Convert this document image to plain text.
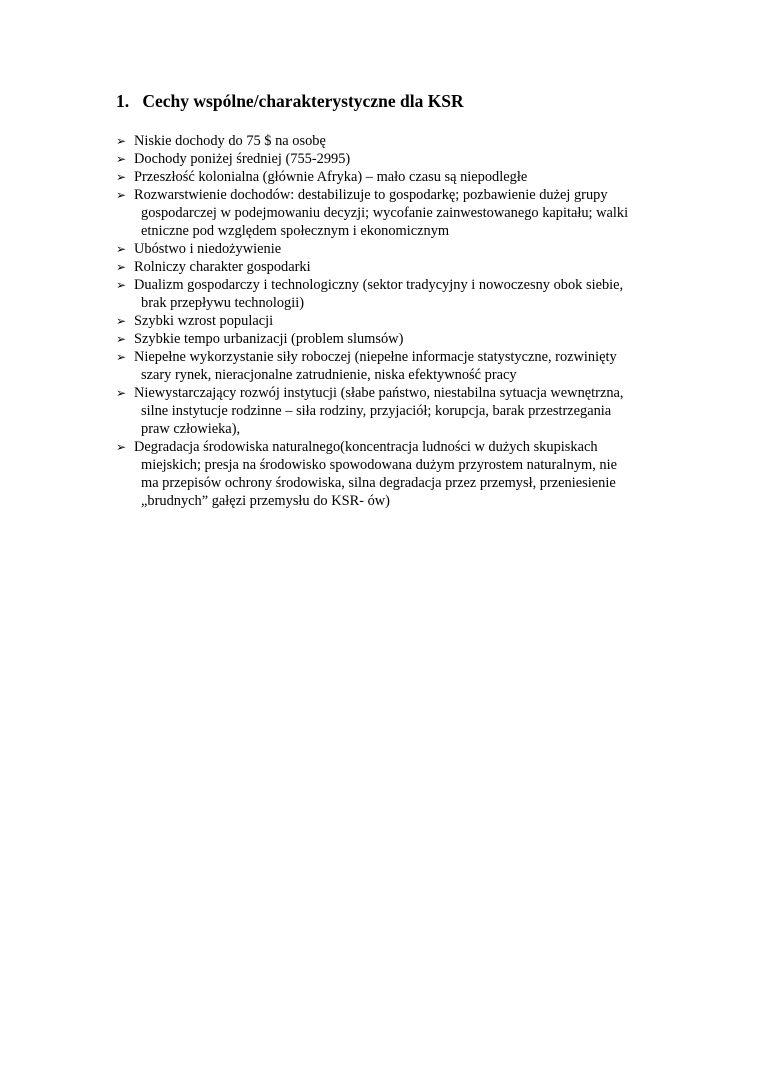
1. Cechy wspólne/charakterystyczne dla KSR
➢ Niskie dochody do 75 $ na osobę
➢ Dochody poniżej średniej (755-2995)
➢ Przeszłość kolonialna (głównie Afryka) – mało czasu są niepodległe
➢ Rozwarstwienie dochodów: destabilizuje to gospodarkę; pozbawienie dużej grupy
gospodarczej w podejmowaniu decyzji; wycofanie zainwestowanego kapitału; walki
etniczne pod względem społecznym i ekonomicznym
➢ Ubóstwo i niedożywienie
➢ Rolniczy charakter gospodarki
➢ Dualizm gospodarczy i technologiczny (sektor tradycyjny i nowoczesny obok siebie,
brak przepływu technologii)
➢ Szybki wzrost populacji
➢ Szybkie tempo urbanizacji (problem slumsów)
➢ Niepełne wykorzystanie siły roboczej (niepełne informacje statystyczne, rozwinięty
szary rynek, nieracjonalne zatrudnienie, niska efektywność pracy
➢ Niewystarczający rozwój instytucji (słabe państwo, niestabilna sytuacja wewnętrzna,
silne instytucje rodzinne – siła rodziny, przyjaciół; korupcja, barak przestrzegania
praw człowieka),
➢ Degradacja środowiska naturalnego(koncentracja ludności w dużych skupiskach
miejskich; presja na środowisko spowodowana dużym przyrostem naturalnym, nie
ma przepisów ochrony środowiska, silna degradacja przez przemysł, przeniesienie
„brudnych” gałęzi przemysłu do KSR- ów)
